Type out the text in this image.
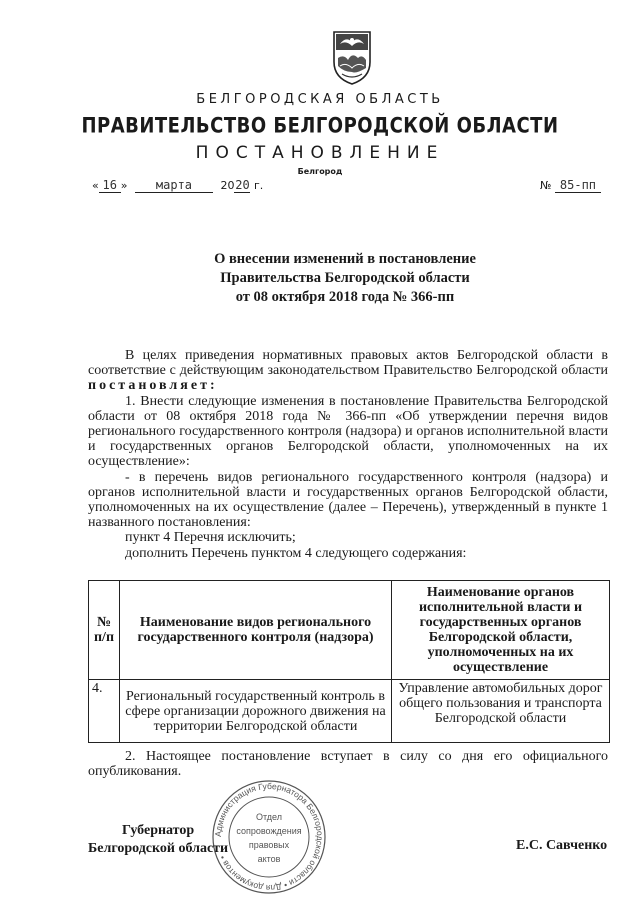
БЕЛГОРОДСКАЯ ОБЛАСТЬ
ПРАВИТЕЛЬСТВО БЕЛГОРОДСКОЙ ОБЛАСТИ
ПОСТАНОВЛЕНИЕ
Белгород
« 16 » марта	2020 г.	№ 85-пп
О внесении изменений в постановление
Правительства Белгородской области
от 08 октября 2018 года № 366-пп

В целях приведения нормативных правовых актов Белгородской области в соответствие с действующим законодательством Правительство Белгородской области постановляет:

1. Внести следующие изменения в постановление Правительства Белгородской области от 08 октября 2018 года № 366-пп «Об утверждении перечня видов регионального государственного контроля (надзора) и органов исполнительной власти и государственных органов Белгородской области, уполномоченных на их осуществление»:

- в перечень видов регионального государственного контроля (надзора) и органов исполнительной власти и государственных органов Белгородской области, уполномоченных на их осуществление (далее – Перечень), утвержденный в пункте 1 названного постановления:

пункт 4 Перечня исключить;

дополнить Перечень пунктом 4 следующего содержания:

№ п/п	Наименование видов регионального государственного контроля (надзора)	Наименование органов исполнительной власти и государственных органов Белгородской области, уполномоченных на их осуществление
4.	Региональный государственный контроль в сфере организации дорожного движения на территории Белгородской области	Управление автомобильных дорог общего пользования и транспорта Белгородской области

2. Настоящее постановление вступает в силу со дня его официального опубликования.

Администрация Губернатора Белгородской области • Для документов •
Отдел
сопровождения
правовых
актов
Губернатор
Белгородской области	Е.С. Савченко
